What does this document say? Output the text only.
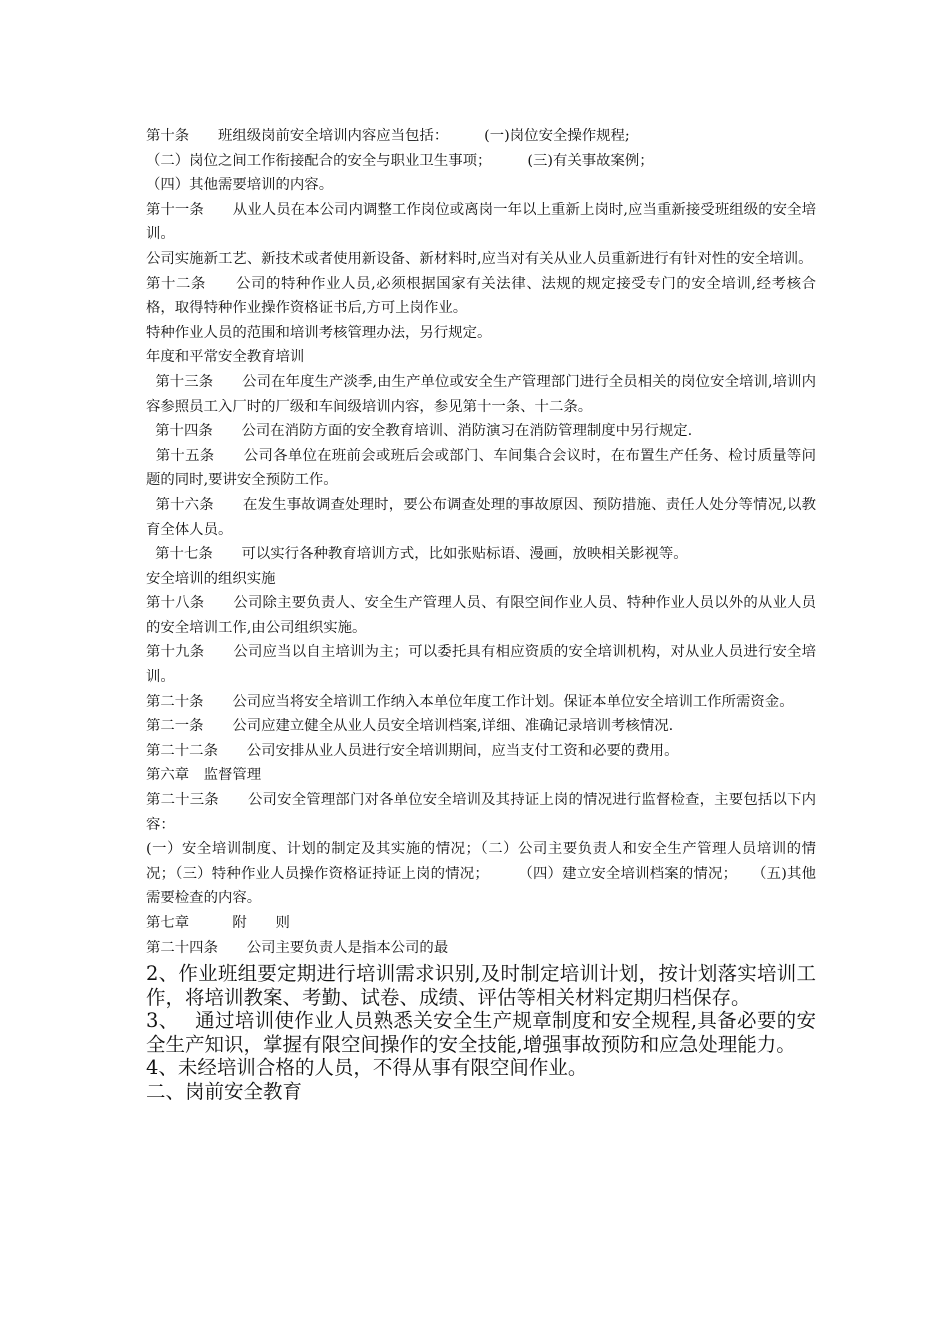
第十条　　班组级岗前安全培训内容应当包括：　　　(一)岗位安全操作规程;

（二）岗位之间工作衔接配合的安全与职业卫生事项；　　　(三)有关事故案例；

（四）其他需要培训的内容。

第十一条　　从业人员在本公司内调整工作岗位或离岗一年以上重新上岗时,应当重新接受班组级的安全培训。

公司实施新工艺、新技术或者使用新设备、新材料时,应当对有关从业人员重新进行有针对性的安全培训。

第十二条　　公司的特种作业人员,必须根据国家有关法律、法规的规定接受专门的安全培训,经考核合格，取得特种作业操作资格证书后,方可上岗作业。

特种作业人员的范围和培训考核管理办法，另行规定。

年度和平常安全教育培训

第十三条　　公司在年度生产淡季,由生产单位或安全生产管理部门进行全员相关的岗位安全培训,培训内容参照员工入厂时的厂级和车间级培训内容，参见第十一条、十二条。

第十四条　　公司在消防方面的安全教育培训、消防演习在消防管理制度中另行规定.

第十五条　　公司各单位在班前会或班后会或部门、车间集合会议时，在布置生产任务、检讨质量等问题的同时,要讲安全预防工作。

第十六条　　在发生事故调查处理时，要公布调查处理的事故原因、预防措施、责任人处分等情况,以教育全体人员。

第十七条　　可以实行各种教育培训方式，比如张贴标语、漫画，放映相关影视等。

安全培训的组织实施

第十八条　　公司除主要负责人、安全生产管理人员、有限空间作业人员、特种作业人员以外的从业人员的安全培训工作,由公司组织实施。

第十九条　　公司应当以自主培训为主；可以委托具有相应资质的安全培训机构，对从业人员进行安全培训。

第二十条　　公司应当将安全培训工作纳入本单位年度工作计划。保证本单位安全培训工作所需资金。

第二一条　　公司应建立健全从业人员安全培训档案,详细、准确记录培训考核情况.

第二十二条　　公司安排从业人员进行安全培训期间，应当支付工资和必要的费用。

第六章　监督管理

第二十三条　　公司安全管理部门对各单位安全培训及其持证上岗的情况进行监督检查，主要包括以下内容：

(一）安全培训制度、计划的制定及其实施的情况；（二）公司主要负责人和安全生产管理人员培训的情况；（三）特种作业人员操作资格证持证上岗的情况；　　　（四）建立安全培训档案的情况；　　（五)其他需要检查的内容。

第七章　　　附　　则

第二十四条　　公司主要负责人是指本公司的最

2、作业班组要定期进行培训需求识别,及时制定培训计划，按计划落实培训工作，将培训教案、考勤、试卷、成绩、评估等相关材料定期归档保存。

3、　 通过培训使作业人员熟悉关安全生产规章制度和安全规程,具备必要的安全生产知识，掌握有限空间操作的安全技能,增强事故预防和应急处理能力。

4、未经培训合格的人员，不得从事有限空间作业。

二、岗前安全教育
